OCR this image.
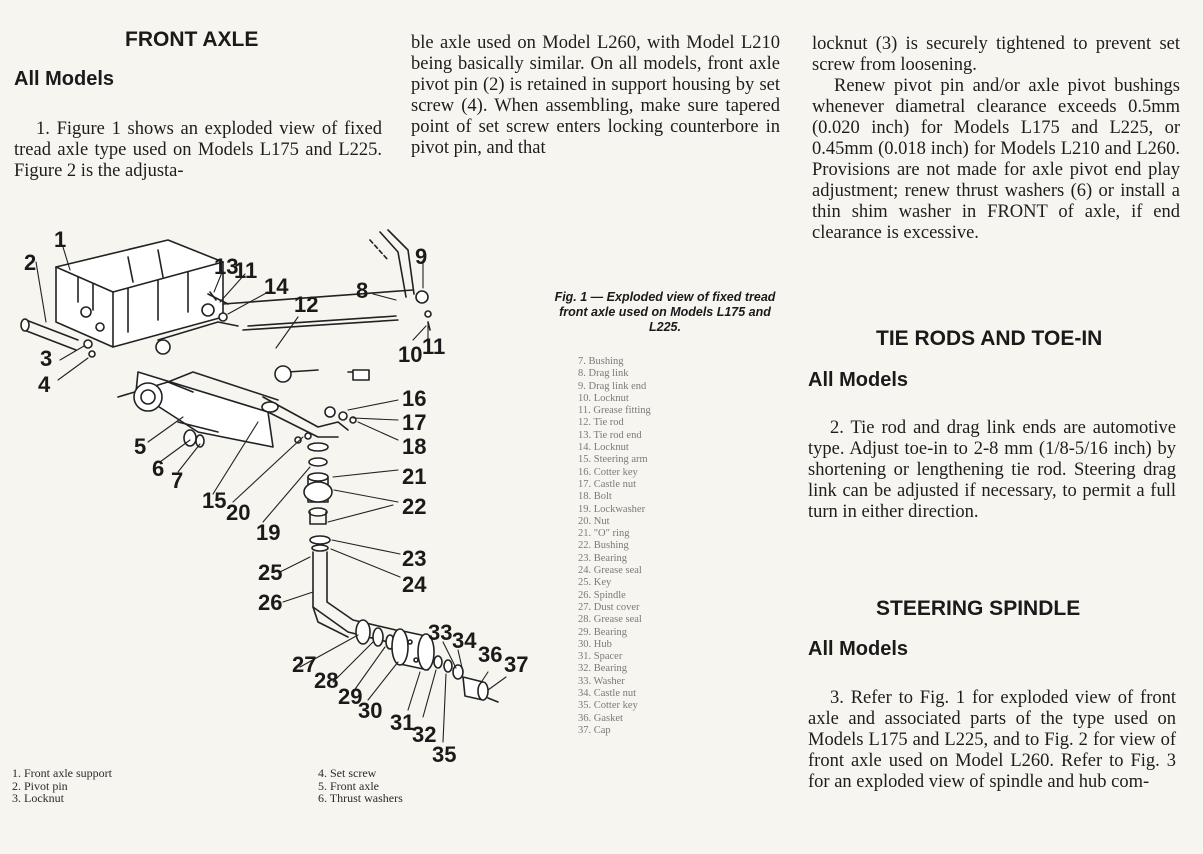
FRONT AXLE
All Models

1. Figure 1 shows an exploded view of fixed tread axle type used on Models L175 and L225. Figure 2 is the adjusta-

ble axle used on Model L260, with Model L210 being basically similar. On all models, front axle pivot pin (2) is retained in support housing by set screw (4). When assembling, make sure tapered point of set screw enters locking counterbore in pivot pin, and that

locknut (3) is securely tightened to prevent set screw from loosening.

Renew pivot pin and/or axle pivot bushings whenever diametral clearance exceeds 0.5mm (0.020 inch) for Models L175 and L225, or 0.45mm (0.018 inch) for Models L210 and L260. Provisions are not made for axle pivot end play adjustment; renew thrust washers (6) or install a thin shim washer in FRONT of axle, if end clearance is excessive.

TIE RODS AND TOE-IN
All Models

2. Tie rod and drag link ends are automotive type. Adjust toe-in to 2-8 mm (1/8-5/16 inch) by shortening or lengthening tie rod. Steering drag link can be adjusted if necessary, to permit a full turn in either direction.

STEERING SPINDLE
All Models

3. Refer to Fig. 1 for exploded view of front axle and associated parts of the type used on Models L175 and L225, and to Fig. 2 for view of front axle used on Model L260. Refer to Fig. 3 for an exploded view of spindle and hub com-

Fig. 1 — Exploded view of fixed tread front axle used on Models L175 and L225.
7. Bushing
8. Drag link
9. Drag link end
10. Locknut
11. Grease fitting
12. Tie rod
13. Tie rod end
14. Locknut
15. Steering arm
16. Cotter key
17. Castle nut
18. Bolt
19. Lockwasher
20. Nut
21. "O" ring
22. Bushing
23. Bearing
24. Grease seal
25. Key
26. Spindle
27. Dust cover
28. Grease seal
29. Bearing
30. Hub
31. Spacer
32. Bearing
33. Washer
34. Castle nut
35. Cotter key
36. Gasket
37. Cap
1. Front axle support
2. Pivot pin
3. Locknut
4. Set screw
5. Front axle
6. Thrust washers
1
2
3
4
5
6 7
8
9
10 11
11
12
13
14
15
16
17
18
19
20
21
22
23
24
25
26
27
28
29
30 31
32
33 34
35
36 37
